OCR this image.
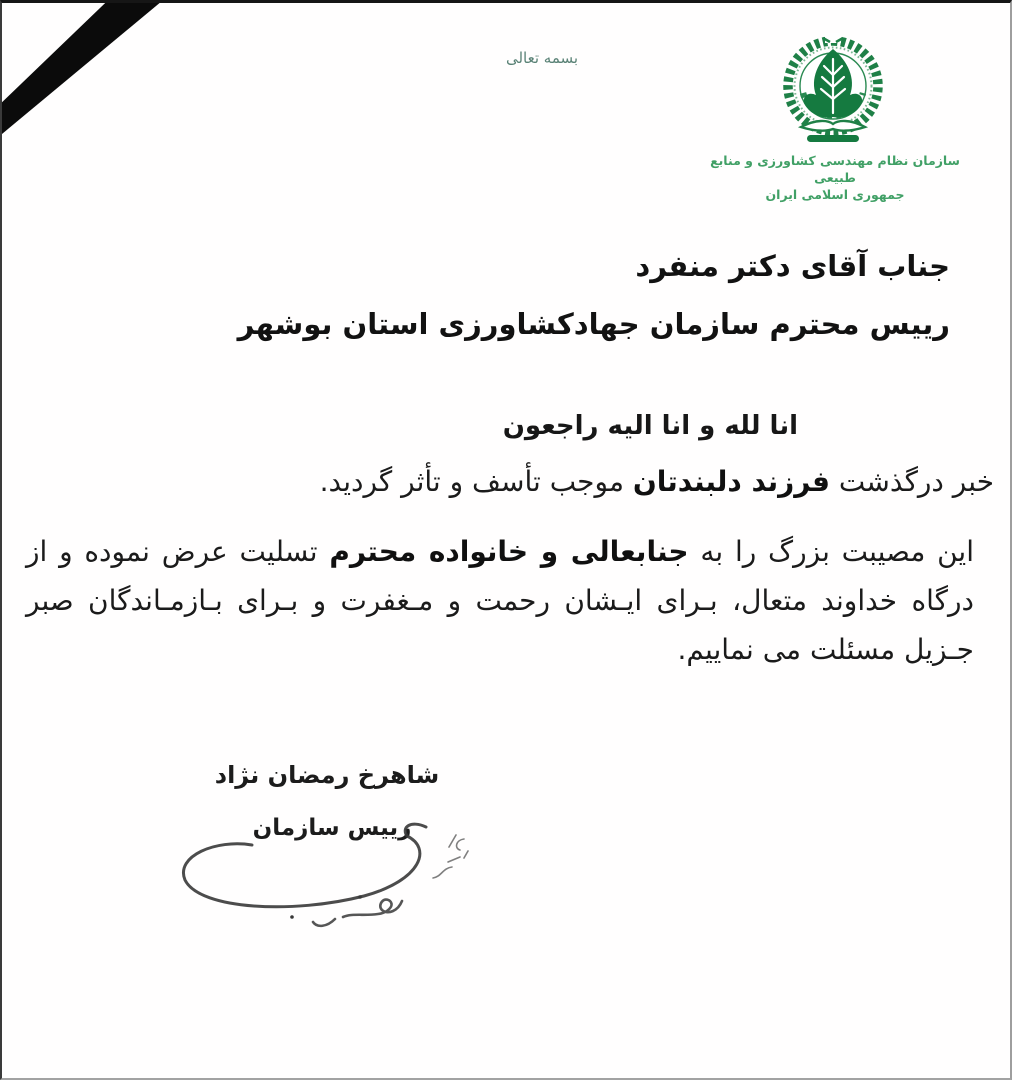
بسمه تعالی
سازمان نظام مهندسی کشاورزی و منابع طبیعی
جمهوری اسلامی ایران
جناب آقای دکتر منفرد
رییس محترم سازمان جهادکشاورزی استان بوشهر
انا لله و انا الیه راجعون
خبر درگذشت فرزند دلبندتان موجب تأسف و تأثر گردید.
این مصیبت بزرگ را به جنابعالی و خانواده محترم تسلیت عرض نموده و از
درگاه خداوند متعال، بـرای ایـشان رحمت و مـغفرت و بـرای بـازمـاندگان صبر
جـزیل مسئلت می نماییم.
شاهرخ رمضان نژاد
رییس سازمان
